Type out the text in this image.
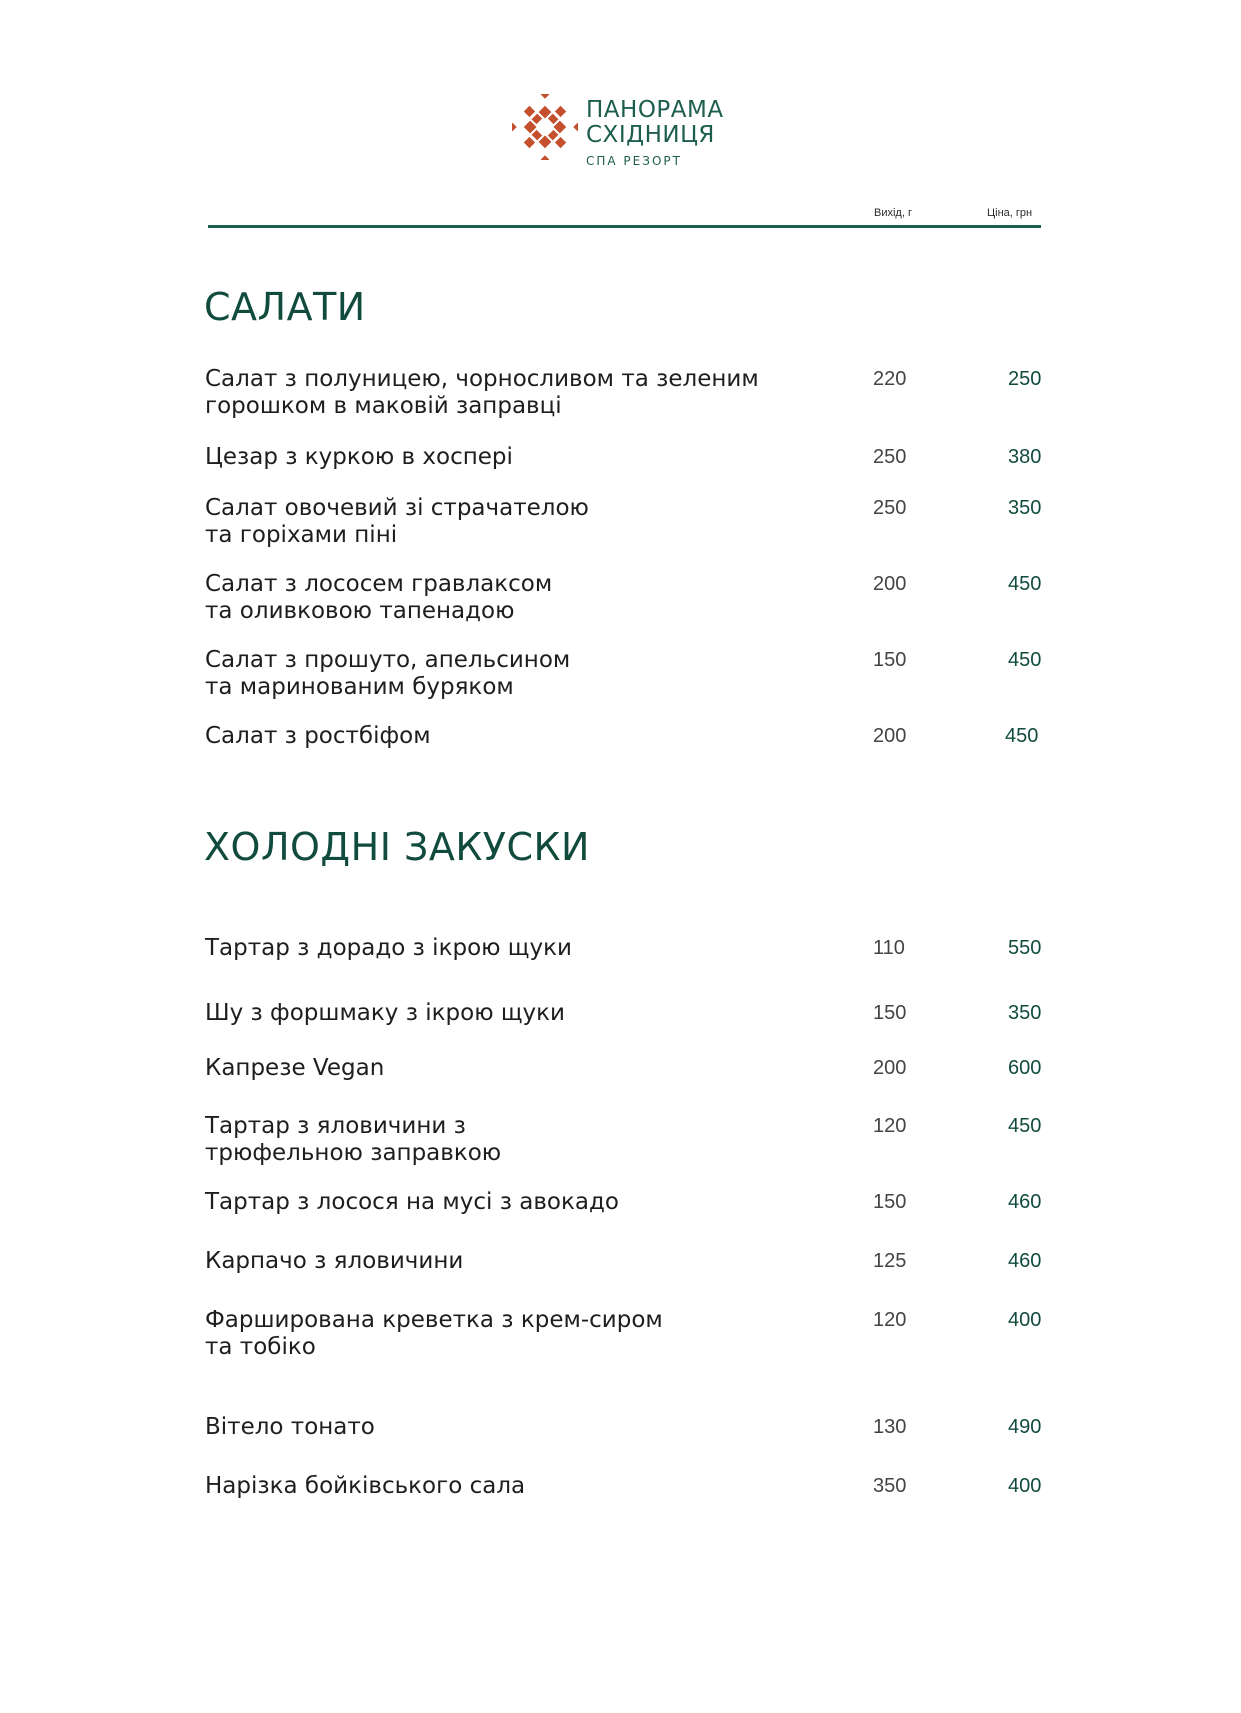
ПАНОРАМА
СХІДНИЦЯ
СПА РЕЗОРТ
Вихід, г	Ціна, грн
САЛАТИ
Салат з полуницею, чорносливом та зеленим
горошком в маковій заправці
220	250
Цезар з куркою в хоспері	250	380
Салат овочевий зі страчателою
та горіхами піні
250	350
Салат з лососем гравлаксом
та оливковою тапенадою
200	450
Салат з прошуто, апельсином
та маринованим буряком
150	450
Салат з ростбіфом	200	450
ХОЛОДНІ ЗАКУСКИ
Тартар з дорадо з ікрою щуки	110	550
Шу з форшмаку з ікрою щуки	150	350
Капрезе Vegan	200	600
Тартар з яловичини з
трюфельною заправкою
120	450
Тартар з лосося на мусі з авокадо	150	460
Карпачо з яловичини	125	460
Фарширована креветка з крем-сиром
та тобіко
120	400
Вітело тонато	130	490
Нарізка бойківського сала	350	400
